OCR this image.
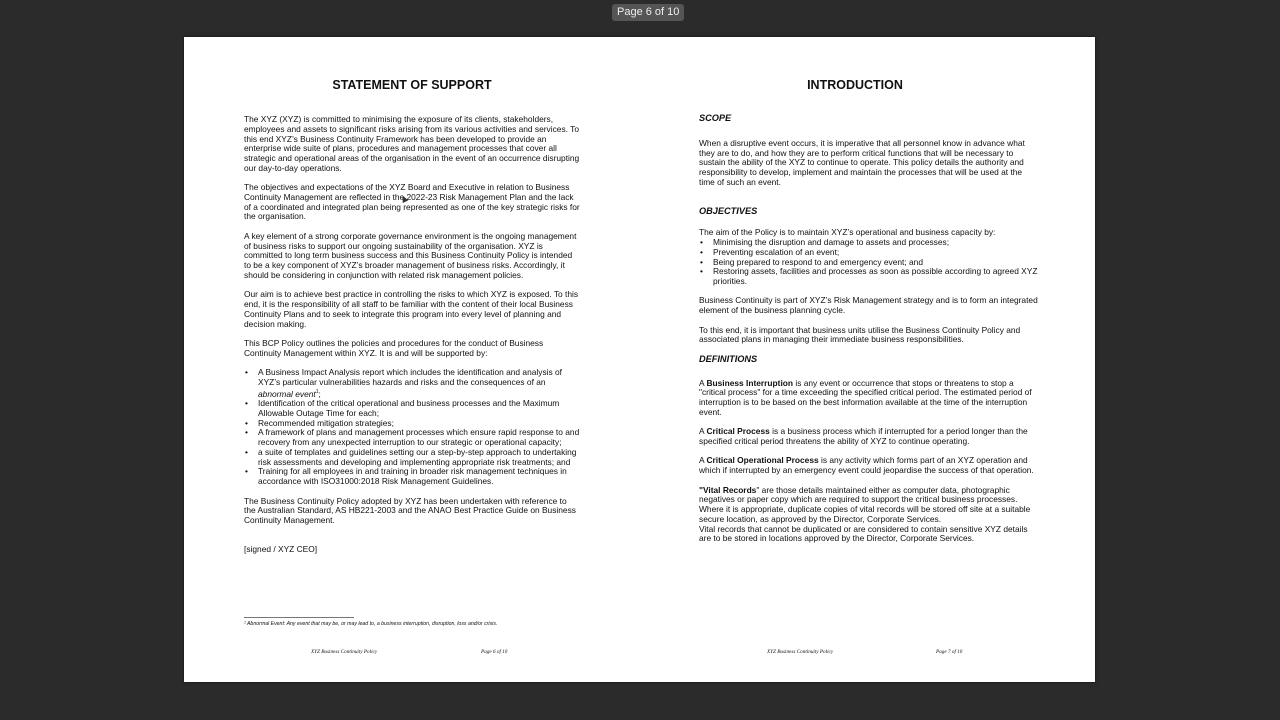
Page 6 of 10
STATEMENT OF SUPPORT

The XYZ (XYZ) is committed to minimising the exposure of its clients, stakeholders, employees and assets to significant risks arising from its various activities and services. To this end XYZ’s Business Continuity Framework has been developed to provide an enterprise wide suite of plans, procedures and management processes that cover all strategic and operational areas of the organisation in the event of an occurrence disrupting our day-to-day operations.

The objectives and expectations of the XYZ Board and Executive in relation to Business Continuity Management are reflected in the 2022-23 Risk Management Plan and the lack of a coordinated and integrated plan being represented as one of the key strategic risks for the organisation.

A key element of a strong corporate governance environment is the ongoing management of business risks to support our ongoing sustainability of the organisation. XYZ is committed to long term business success and this Business Continuity Policy is intended to be a key component of XYZ’s broader management of business risks. Accordingly, it should be considering in conjunction with related risk management policies.

Our aim is to achieve best practice in controlling the risks to which XYZ is exposed. To this end, it is the responsibility of all staff to be familiar with the content of their local Business Continuity Plans and to seek to integrate this program into every level of planning and decision making.

This BCP Policy outlines the policies and procedures for the conduct of Business Continuity Management within XYZ. It is and will be supported by:

• A Business Impact Analysis report which includes the identification and analysis of XYZ’s particular vulnerabilities hazards and risks and the consequences of an abnormal event$^1$;
• Identification of the critical operational and business processes and the Maximum Allowable Outage Time for each;
• Recommended mitigation strategies;
• A framework of plans and management processes which ensure rapid response to and recovery from any unexpected interruption to our strategic or operational capacity;
• a suite of templates and guidelines setting our a step-by-step approach to undertaking risk assessments and developing and implementing appropriate risk treatments; and
• Training for all employees in and training in broader risk management techniques in accordance with ISO31000:2018 Risk Management Guidelines.

The Business Continuity Policy adopted by XYZ has been undertaken with reference to the Australian Standard, AS HB221-2003 and the ANAO Best Practice Guide on Business Continuity Management.

[signed / XYZ CEO]

¹ Abnormal Event: Any event that may be, or may lead to, a business interruption, disruption, loss and/or crisis.
XYZ Business Continuity Policy	Page 6 of 10
INTRODUCTION
SCOPE

When a disruptive event occurs, it is imperative that all personnel know in advance what they are to do, and how they are to perform critical functions that will be necessary to sustain the ability of the XYZ to continue to operate. This policy details the authority and responsibility to develop, implement and maintain the processes that will be used at the time of such an event.

OBJECTIVES
The aim of the Policy is to maintain XYZ’s operational and business capacity by:
• Minimising the disruption and damage to assets and processes;
• Preventing escalation of an event;
• Being prepared to respond to and emergency event; and
• Restoring assets, facilities and processes as soon as possible according to agreed XYZ priorities.

Business Continuity is part of XYZ’s Risk Management strategy and is to form an integrated element of the business planning cycle.

To this end, it is important that business units utilise the Business Continuity Policy and associated plans in managing their immediate business responsibilities.

DEFINITIONS

A Business Interruption is any event or occurrence that stops or threatens to stop a "critical process" for a time exceeding the specified critical period. The estimated period of interruption is to be based on the best information available at the time of the interruption event.

A Critical Process is a business process which if interrupted for a period longer than the specified critical period threatens the ability of XYZ to continue operating.

A Critical Operational Process is any activity which forms part of an XYZ operation and which if interrupted by an emergency event could jeopardise the success of that operation.

"Vital Records" are those details maintained either as computer data, photographic negatives or paper copy which are required to support the critical business processes. Where it is appropriate, duplicate copies of vital records will be stored off site at a suitable secure location, as approved by the Director, Corporate Services.
Vital records that cannot be duplicated or are considered to contain sensitive XYZ details are to be stored in locations approved by the Director, Corporate Services.
XYZ Business Continuity Policy	Page 7 of 10
